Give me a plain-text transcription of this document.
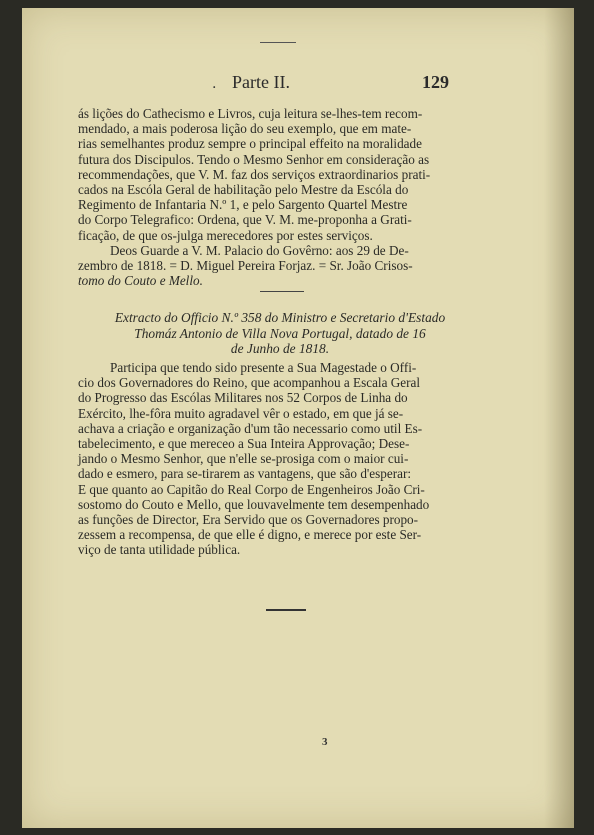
. Parte II.	129

ás lições do Cathecismo e Livros, cuja leitura se-lhes-tem recom-

mendado, a mais poderosa lição do seu exemplo, que em mate-

rias semelhantes produz sempre o principal effeito na moralidade

futura dos Discipulos. Tendo o Mesmo Senhor em consideração as

recommendações, que V. M. faz dos serviços extraordinarios prati-

cados na Escóla Geral de habilitação pelo Mestre da Escóla do

Regimento de Infantaria N.º 1, e pelo Sargento Quartel Mestre

do Corpo Telegrafico: Ordena, que V. M. me-proponha a Grati-

ficação, de que os-julga merecedores por estes serviços.

Deos Guarde a V. M. Palacio do Govêrno: aos 29 de De-

zembro de 1818. = D. Miguel Pereira Forjaz. = Sr. João Crisos-

tomo do Couto e Mello.

Extracto do Officio N.º 358 do Ministro e Secretario d'Estado

Thomáz Antonio de Villa Nova Portugal, datado de 16

de Junho de 1818.

Participa que tendo sido presente a Sua Magestade o Offi-

cio dos Governadores do Reino, que acompanhou a Escala Geral

do Progresso das Escólas Militares nos 52 Corpos de Linha do

Exército, lhe-fôra muito agradavel vêr o estado, em que já se-

achava a criação e organização d'um tão necessario como util Es-

tabelecimento, e que mereceo a Sua Inteira Approvação; Dese-

jando o Mesmo Senhor, que n'elle se-prosiga com o maior cui-

dado e esmero, para se-tirarem as vantagens, que são d'esperar:

E que quanto ao Capitão do Real Corpo de Engenheiros João Cri-

sostomo do Couto e Mello, que louvavelmente tem desempenhado

as funções de Director, Era Servido que os Governadores propo-

zessem a recompensa, de que elle é digno, e merece por este Ser-

viço de tanta utilidade pública.

3
